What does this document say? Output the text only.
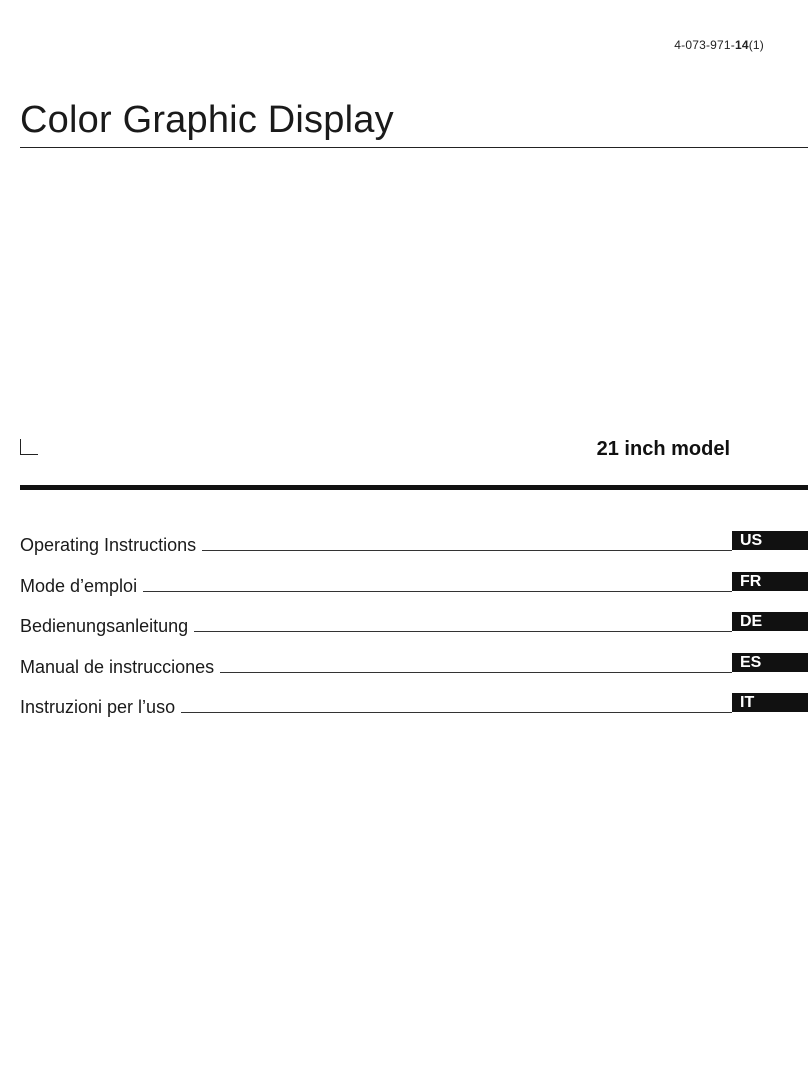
4-073-971-14(1)
Color Graphic Display
21 inch model
Operating Instructions	US
Mode d’emploi	FR
Bedienungsanleitung	DE
Manual de instrucciones	ES
Instruzioni per l’uso	IT
